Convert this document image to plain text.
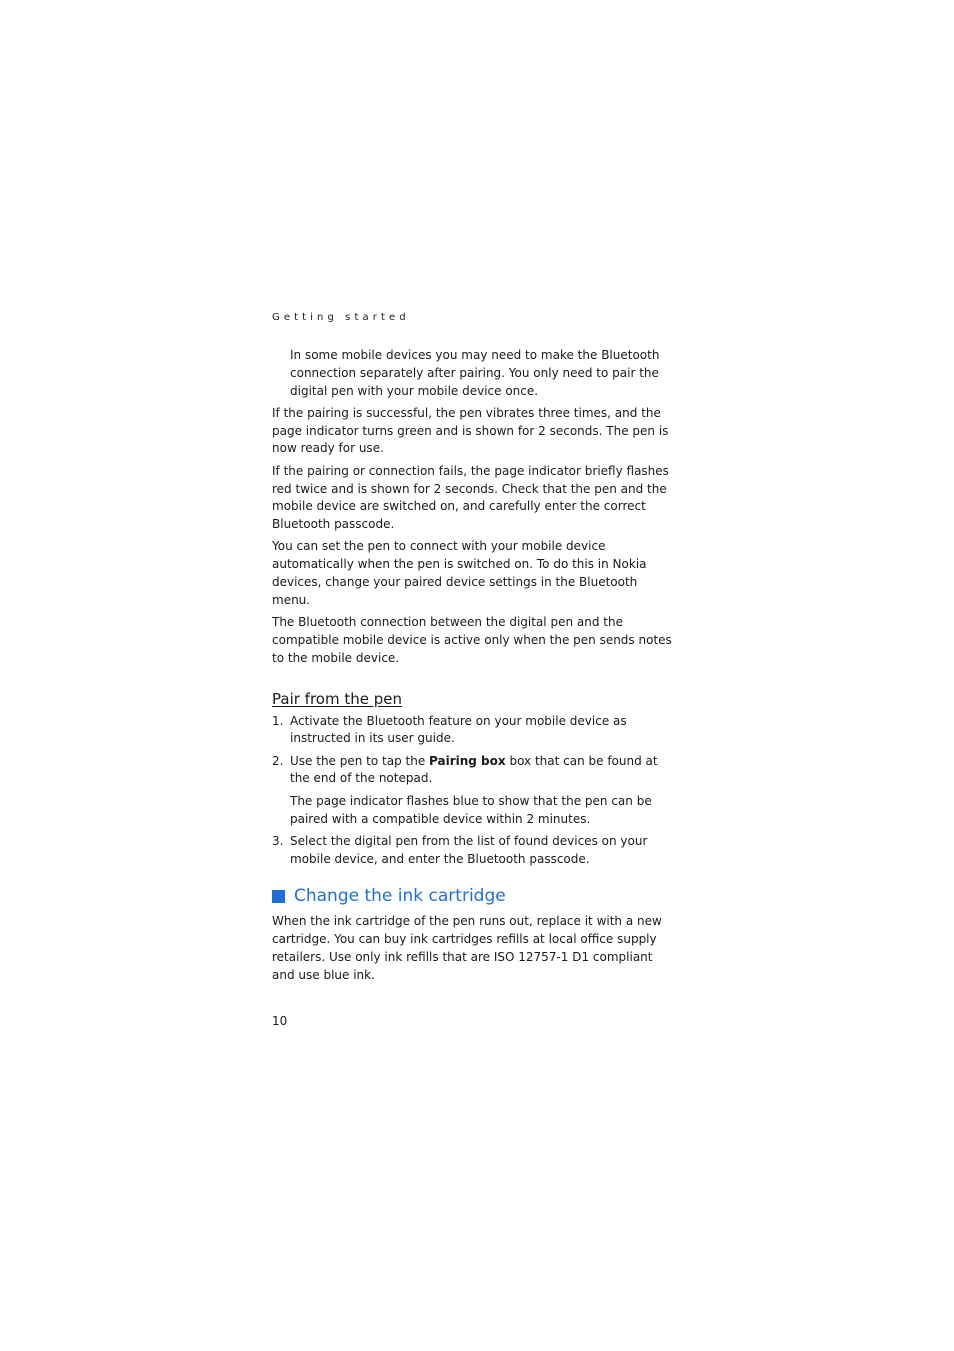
Getting started

In some mobile devices you may need to make the Bluetooth connection separately after pairing. You only need to pair the digital pen with your mobile device once.

If the pairing is successful, the pen vibrates three times, and the page indicator turns green and is shown for 2 seconds. The pen is now ready for use.

If the pairing or connection fails, the page indicator briefly flashes red twice and is shown for 2 seconds. Check that the pen and the mobile device are switched on, and carefully enter the correct Bluetooth passcode.

You can set the pen to connect with your mobile device automatically when the pen is switched on. To do this in Nokia devices, change your paired device settings in the Bluetooth menu.

The Bluetooth connection between the digital pen and the compatible mobile device is active only when the pen sends notes to the mobile device.

Pair from the pen
1. Activate the Bluetooth feature on your mobile device as instructed in its user guide.
2. Use the pen to tap the Pairing box box that can be found at the end of the notepad.

The page indicator flashes blue to show that the pen can be paired with a compatible device within 2 minutes.

3. Select the digital pen from the list of found devices on your mobile device, and enter the Bluetooth passcode.
Change the ink cartridge

When the ink cartridge of the pen runs out, replace it with a new cartridge. You can buy ink cartridges refills at local office supply retailers. Use only ink refills that are ISO 12757-1 D1 compliant and use blue ink.

10
